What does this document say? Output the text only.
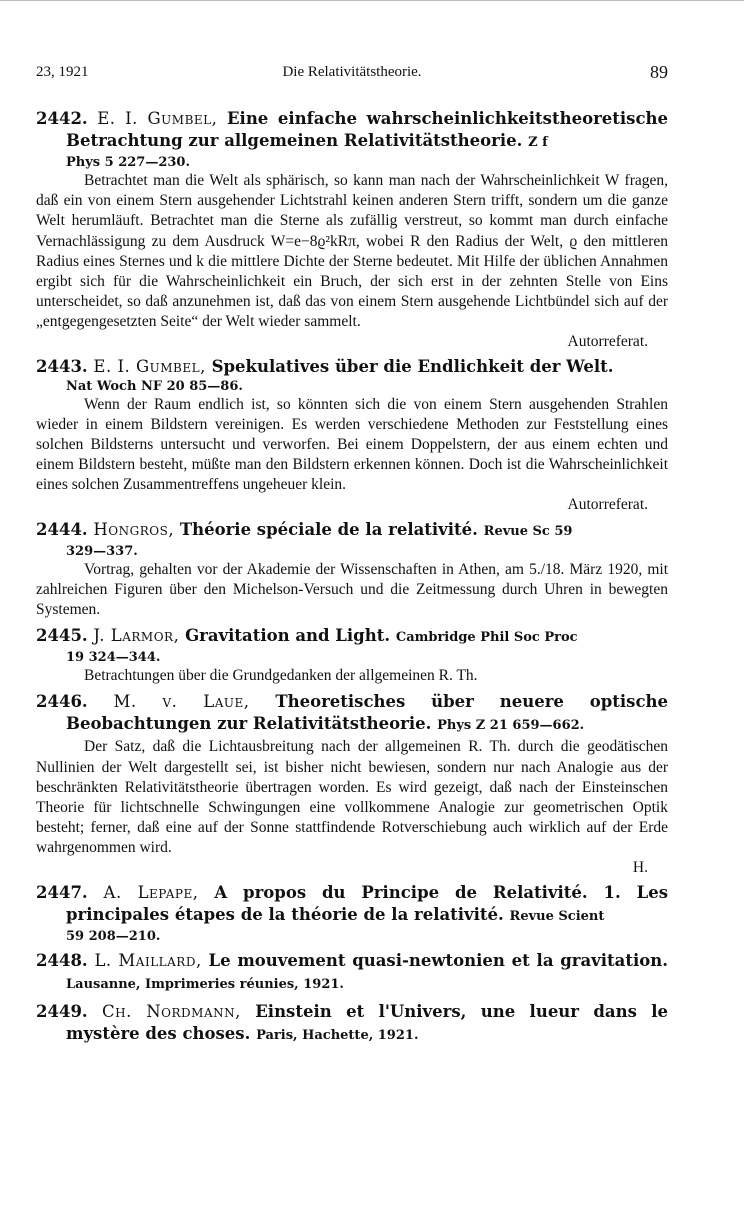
23, 1921	Die Relativitätstheorie.	89
2442. E. I. Gumbel, Eine einfache wahrscheinlichkeitstheoretische Betrachtung zur allgemeinen Relativitätstheorie. Z f
Phys 5 227—230.

Betrachtet man die Welt als sphärisch, so kann man nach der Wahrscheinlichkeit W fragen, daß ein von einem Stern ausgehender Lichtstrahl keinen anderen Stern trifft, sondern um die ganze Welt herumläuft. Betrachtet man die Sterne als zufällig verstreut, so kommt man durch einfache Vernachlässigung zu dem Ausdruck W=e−8ϱ²kRπ, wobei R den Radius der Welt, ϱ den mittleren Radius eines Sternes und k die mittlere Dichte der Sterne bedeutet. Mit Hilfe der üblichen Annahmen ergibt sich für die Wahrscheinlichkeit ein Bruch, der sich erst in der zehnten Stelle von Eins unterscheidet, so daß anzunehmen ist, daß das von einem Stern ausgehende Lichtbündel sich auf der „entgegengesetzten Seite“ der Welt wieder sammelt.

Autorreferat.
2443. E. I. Gumbel, Spekulatives über die Endlichkeit der Welt.
Nat Woch NF 20 85—86.

Wenn der Raum endlich ist, so könnten sich die von einem Stern ausgehenden Strahlen wieder in einem Bildstern vereinigen. Es werden verschiedene Methoden zur Feststellung eines solchen Bildsterns untersucht und verworfen. Bei einem Doppelstern, der aus einem echten und einem Bildstern besteht, müßte man den Bildstern erkennen können. Doch ist die Wahrscheinlichkeit eines solchen Zusammentreffens ungeheuer klein.

Autorreferat.
2444. Hongros, Théorie spéciale de la relativité. Revue Sc 59
329—337.

Vortrag, gehalten vor der Akademie der Wissenschaften in Athen, am 5./18. März 1920, mit zahlreichen Figuren über den Michelson-Versuch und die Zeitmessung durch Uhren in bewegten Systemen.

2445. J. Larmor, Gravitation and Light. Cambridge Phil Soc Proc
19 324—344.

Betrachtungen über die Grundgedanken der allgemeinen R. Th.

2446. M. v. Laue, Theoretisches über neuere optische Beobachtungen zur Relativitätstheorie. Phys Z 21 659—662.

Der Satz, daß die Lichtausbreitung nach der allgemeinen R. Th. durch die geodätischen Nullinien der Welt dargestellt sei, ist bisher nicht bewiesen, sondern nur nach Analogie aus der beschränkten Relativitätstheorie übertragen worden. Es wird gezeigt, daß nach der Einsteinschen Theorie für lichtschnelle Schwingungen eine vollkommene Analogie zur geometrischen Optik besteht; ferner, daß eine auf der Sonne stattfindende Rotverschiebung auch wirklich auf der Erde wahrgenommen wird.

H.
2447. A. Lepape, A propos du Principe de Relativité. 1. Les principales étapes de la théorie de la relativité. Revue Scient
59 208—210.
2448. L. Maillard, Le mouvement quasi-newtonien et la gravitation. Lausanne, Imprimeries réunies, 1921.
2449. Ch. Nordmann, Einstein et l'Univers, une lueur dans le mystère des choses. Paris, Hachette, 1921.
